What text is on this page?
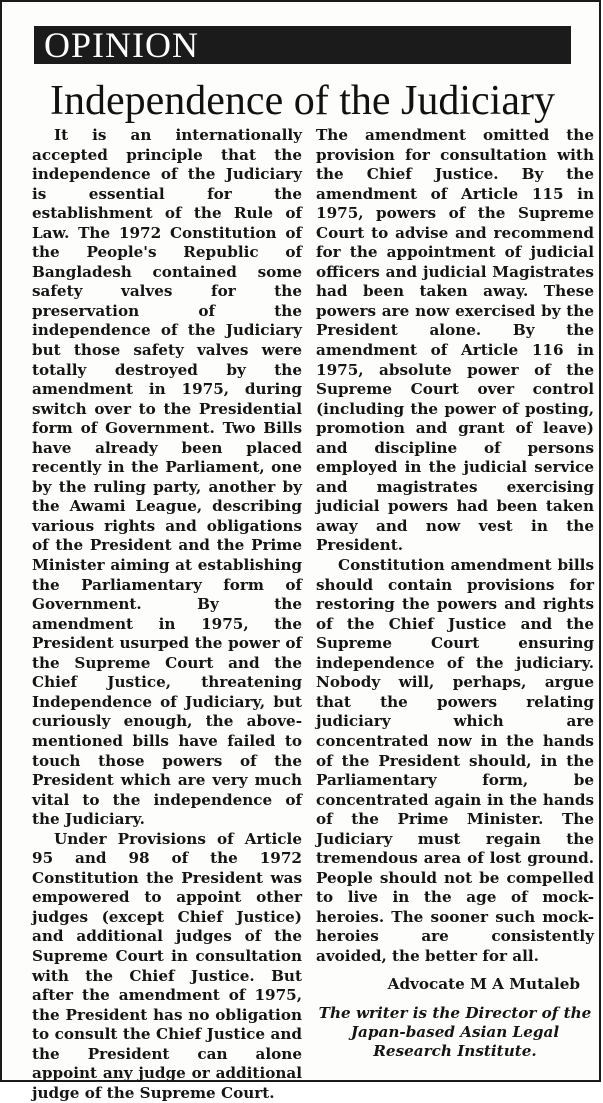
OPINION
Independence of the Judiciary

It is an internationally accepted principle that the independence of the Judiciary is essential for the establishment of the Rule of Law. The 1972 Constitution of the People's Republic of Bangladesh contained some safety valves for the preservation of the independence of the Judiciary but those safety valves were totally destroyed by the amendment in 1975, during switch over to the Presidential form of Government. Two Bills have already been placed recently in the Parliament, one by the ruling party, another by the Awami League, describing various rights and obligations of the President and the Prime Minister aiming at establishing the Parliamentary form of Government. By the amendment in 1975, the President usurped the power of the Supreme Court and the Chief Justice, threatening Independence of Judiciary, but curiously enough, the above-mentioned bills have failed to touch those powers of the President which are very much vital to the independence of the Judiciary.

Under Provisions of Article 95 and 98 of the 1972 Constitution the President was empowered to appoint other judges (except Chief Justice) and additional judges of the Supreme Court in consultation with the Chief Justice. But after the amendment of 1975, the President has no obligation to consult the Chief Justice and the President can alone appoint any judge or additional judge of the Supreme Court.

The amendment omitted the provision for consultation with the Chief Justice. By the amendment of Article 115 in 1975, powers of the Supreme Court to advise and recommend for the appointment of judicial officers and judicial Magistrates had been taken away. These powers are now exercised by the President alone. By the amendment of Article 116 in 1975, absolute power of the Supreme Court over control (including the power of posting, promotion and grant of leave) and discipline of persons employed in the judicial service and magistrates exercising judicial powers had been taken away and now vest in the President.

Constitution amendment bills should contain provisions for restoring the powers and rights of the Chief Justice and the Supreme Court ensuring independence of the judiciary. Nobody will, perhaps, argue that the powers relating judiciary which are concentrated now in the hands of the President should, in the Parliamentary form, be concentrated again in the hands of the Prime Minister. The Judiciary must regain the tremendous area of lost ground. People should not be compelled to live in the age of mock-heroies. The sooner such mock-heroies are consistently avoided, the better for all.

Advocate M A Mutaleb

The writer is the Director of the Japan-based Asian Legal Research Institute.
